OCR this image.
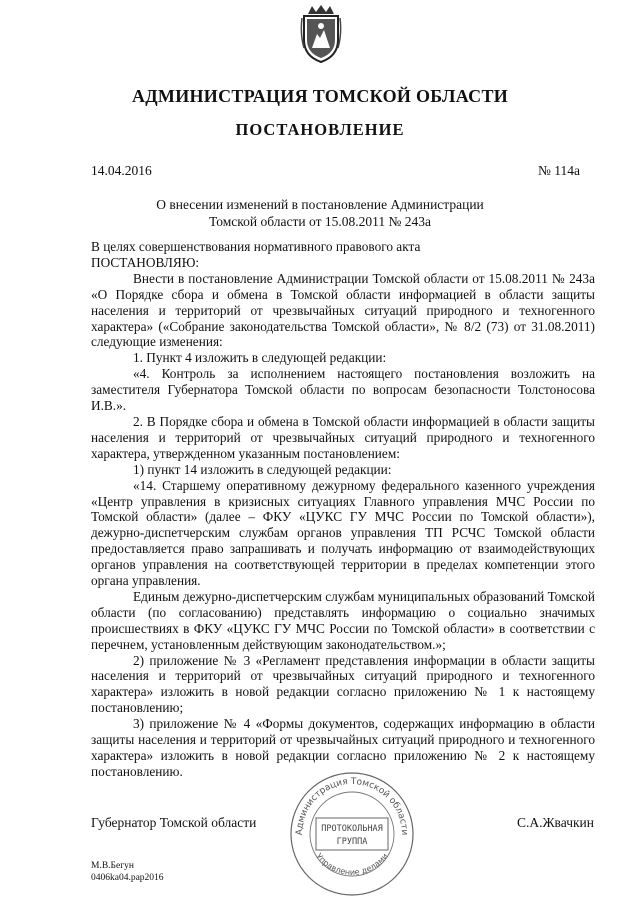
АДМИНИСТРАЦИЯ ТОМСКОЙ ОБЛАСТИ
ПОСТАНОВЛЕНИЕ
14.04.2016	№ 114а
О внесении изменений в постановление Администрации
Томской области от 15.08.2011 № 243а

В целях совершенствования нормативного правового акта

ПОСТАНОВЛЯЮ:

Внести в постановление Администрации Томской области от 15.08.2011 № 243а «О Порядке сбора и обмена в Томской области информацией в области защиты населения и территорий от чрезвычайных ситуаций природного и техногенного характера» («Собрание законодательства Томской области», № 8/2 (73) от 31.08.2011) следующие изменения:

1. Пункт 4 изложить в следующей редакции:

«4. Контроль за исполнением настоящего постановления возложить на заместителя Губернатора Томской области по вопросам безопасности Толстоносова И.В.».

2. В Порядке сбора и обмена в Томской области информацией в области защиты населения и территорий от чрезвычайных ситуаций природного и техногенного характера, утвержденном указанным постановлением:

1) пункт 14 изложить в следующей редакции:

«14. Старшему оперативному дежурному федерального казенного учреждения «Центр управления в кризисных ситуациях Главного управления МЧС России по Томской области» (далее – ФКУ «ЦУКС ГУ МЧС России по Томской области»), дежурно-диспетчерским службам органов управления ТП РСЧС Томской области предоставляется право запрашивать и получать информацию от взаимодействующих органов управления на соответствующей территории в пределах компетенции этого органа управления.

Единым дежурно-диспетчерским службам муниципальных образований Томской области (по согласованию) представлять информацию о социально значимых происшествиях в ФКУ «ЦУКС ГУ МЧС России по Томской области» в соответствии с перечнем, установленным действующим законодательством.»;

2) приложение № 3 «Регламент представления информации в области защиты населения и территорий от чрезвычайных ситуаций природного и техногенного характера» изложить в новой редакции согласно приложению № 1 к настоящему постановлению;

3) приложение № 4 «Формы документов, содержащих информацию в области защиты населения и территорий от чрезвычайных ситуаций природного и техногенного характера» изложить в новой редакции согласно приложению № 2 к настоящему постановлению.

Губернатор Томской области	С.А.Жвачкин
Администрация Томской области
Управление делами
ПРОТОКОЛЬНАЯ
ГРУППА
М.В.Бегун
0406ka04.pap2016
